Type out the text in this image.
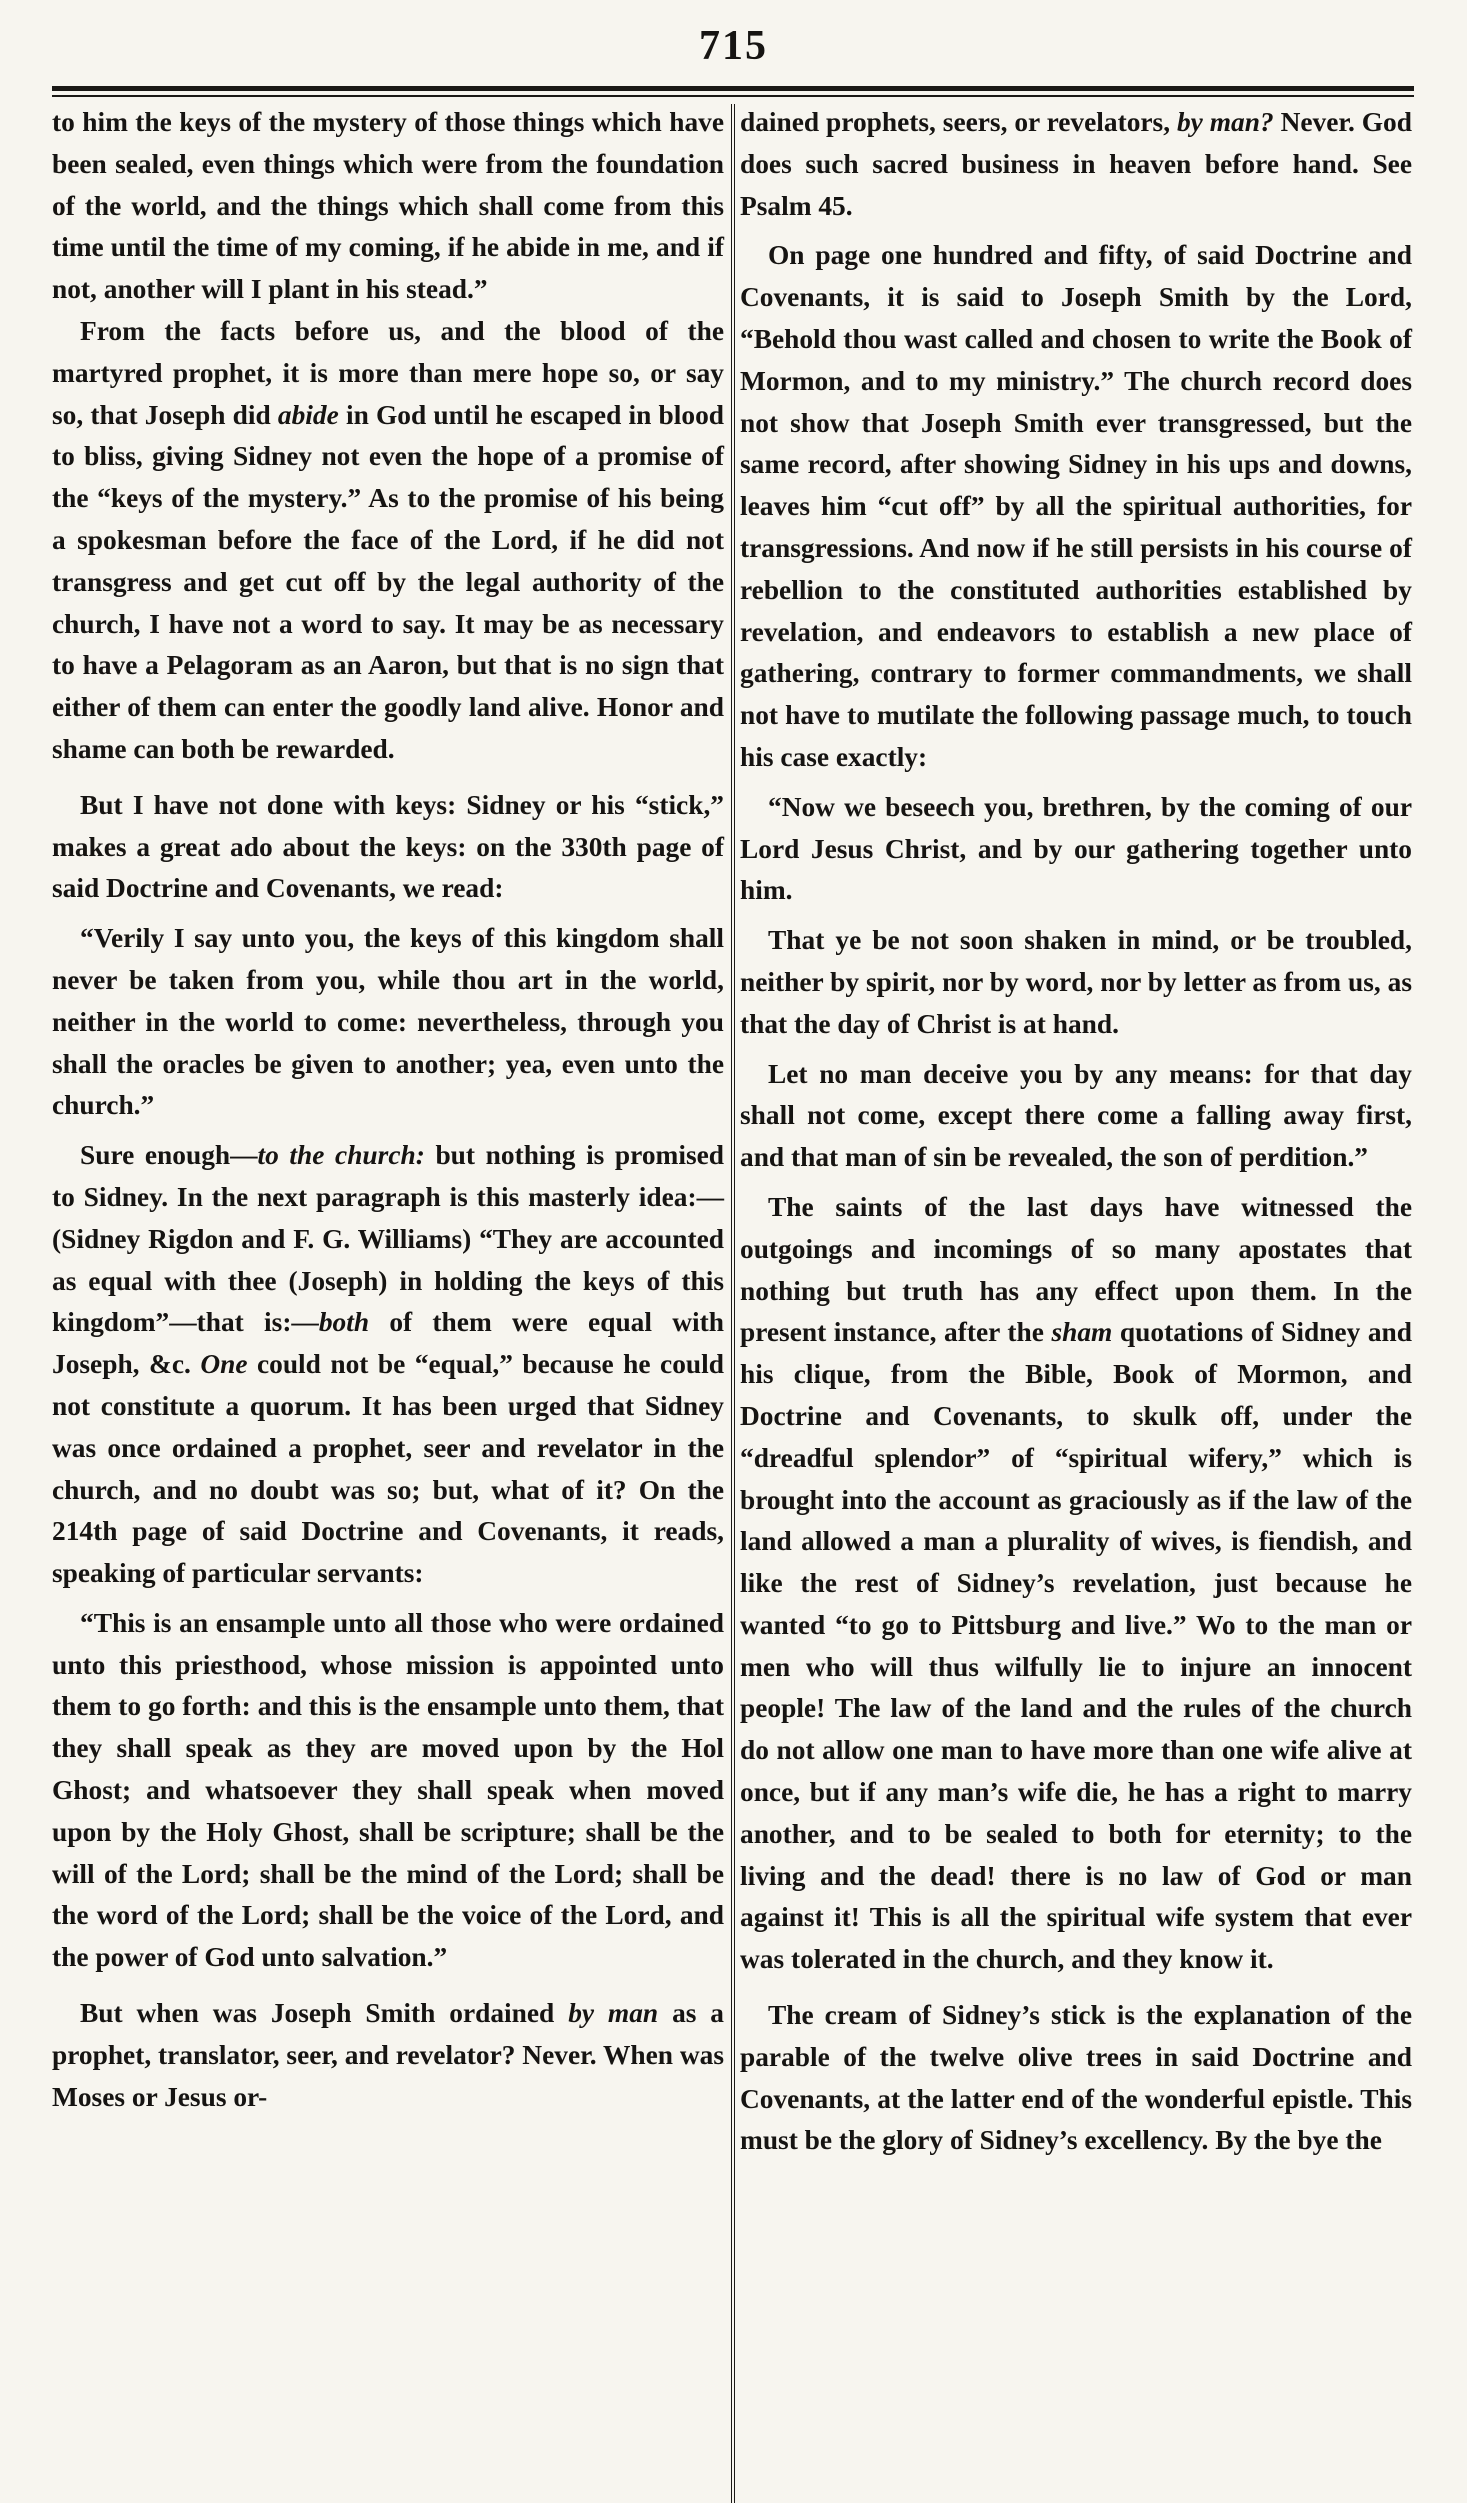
715

to him the keys of the mystery of those things which have been sealed, even things which were from the foundation of the world, and the things which shall come from this time until the time of my coming, if he abide in me, and if not, another will I plant in his stead.”

From the facts before us, and the blood of the martyred prophet, it is more than mere hope so, or say so, that Joseph did abide in God until he escaped in blood to bliss, giving Sidney not even the hope of a promise of the “keys of the mystery.” As to the promise of his being a spokesman before the face of the Lord, if he did not transgress and get cut off by the legal authority of the church, I have not a word to say. It may be as necessary to have a Pelagoram as an Aaron, but that is no sign that either of them can enter the goodly land alive. Honor and shame can both be rewarded.

But I have not done with keys: Sidney or his “stick,” makes a great ado about the keys: on the 330th page of said Doctrine and Covenants, we read:

“Verily I say unto you, the keys of this kingdom shall never be taken from you, while thou art in the world, neither in the world to come: nevertheless, through you shall the oracles be given to another; yea, even unto the church.”

Sure enough—to the church: but nothing is promised to Sidney. In the next paragraph is this masterly idea:—(Sidney Rigdon and F. G. Williams) “They are accounted as equal with thee (Joseph) in holding the keys of this kingdom”—that is:—both of them were equal with Joseph, &c. One could not be “equal,” because he could not constitute a quorum. It has been urged that Sidney was once ordained a prophet, seer and revelator in the church, and no doubt was so; but, what of it? On the 214th page of said Doctrine and Covenants, it reads, speaking of particular servants:

“This is an ensample unto all those who were ordained unto this priesthood, whose mission is appointed unto them to go forth: and this is the ensample unto them, that they shall speak as they are moved upon by the Hol Ghost; and whatsoever they shall speak when moved upon by the Holy Ghost, shall be scripture; shall be the will of the Lord; shall be the mind of the Lord; shall be the word of the Lord; shall be the voice of the Lord, and the power of God unto salvation.”

But when was Joseph Smith ordained by man as a prophet, translator, seer, and revelator? Never. When was Moses or Jesus or-

dained prophets, seers, or revelators, by man? Never. God does such sacred business in heaven before hand. See Psalm 45.

On page one hundred and fifty, of said Doctrine and Covenants, it is said to Joseph Smith by the Lord, “Behold thou wast called and chosen to write the Book of Mormon, and to my ministry.” The church record does not show that Joseph Smith ever transgressed, but the same record, after showing Sidney in his ups and downs, leaves him “cut off” by all the spiritual authorities, for transgressions. And now if he still persists in his course of rebellion to the constituted authorities established by revelation, and endeavors to establish a new place of gathering, contrary to former commandments, we shall not have to mutilate the following passage much, to touch his case exactly:

“Now we beseech you, brethren, by the coming of our Lord Jesus Christ, and by our gathering together unto him.

That ye be not soon shaken in mind, or be troubled, neither by spirit, nor by word, nor by letter as from us, as that the day of Christ is at hand.

Let no man deceive you by any means: for that day shall not come, except there come a falling away first, and that man of sin be revealed, the son of perdition.”

The saints of the last days have witnessed the outgoings and incomings of so many apostates that nothing but truth has any effect upon them. In the present instance, after the sham quotations of Sidney and his clique, from the Bible, Book of Mormon, and Doctrine and Covenants, to skulk off, under the “dreadful splendor” of “spiritual wifery,” which is brought into the account as graciously as if the law of the land allowed a man a plurality of wives, is fiendish, and like the rest of Sidney’s revelation, just because he wanted “to go to Pittsburg and live.” Wo to the man or men who will thus wilfully lie to injure an innocent people! The law of the land and the rules of the church do not allow one man to have more than one wife alive at once, but if any man’s wife die, he has a right to marry another, and to be sealed to both for eternity; to the living and the dead! there is no law of God or man against it! This is all the spiritual wife system that ever was tolerated in the church, and they know it.

The cream of Sidney’s stick is the explanation of the parable of the twelve olive trees in said Doctrine and Covenants, at the latter end of the wonderful epistle. This must be the glory of Sidney’s excellency. By the bye the
